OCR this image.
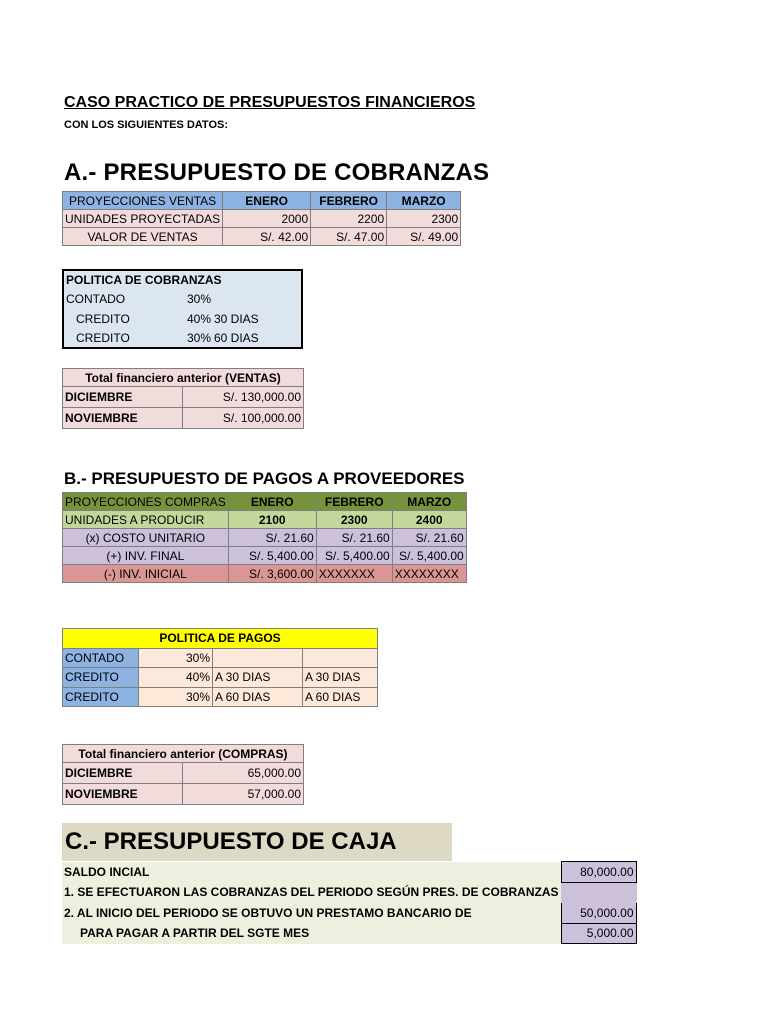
CASO PRACTICO DE PRESUPUESTOS FINANCIEROS
CON LOS SIGUIENTES DATOS:
A.- PRESUPUESTO DE COBRANZAS
PROYECCIONES VENTAS	ENERO	FEBRERO	MARZO
UNIDADES PROYECTADAS	2000	2200	2300
VALOR DE VENTAS	S/. 42.00	S/. 47.00	S/. 49.00
POLITICA DE COBRANZAS		
CONTADO	30%	
CREDITO	40%	30 DIAS
CREDITO	30%	60 DIAS
Total financiero anterior (VENTAS)	
DICIEMBRE	S/. 130,000.00
NOVIEMBRE	S/. 100,000.00
B.- PRESUPUESTO DE PAGOS A PROVEEDORES
PROYECCIONES COMPRAS	ENERO	FEBRERO	MARZO
UNIDADES A PRODUCIR	2100	2300	2400
(x) COSTO UNITARIO	S/. 21.60	S/. 21.60	S/. 21.60
(+) INV. FINAL	S/. 5,400.00	S/. 5,400.00	S/. 5,400.00
(-) INV. INICIAL	S/. 3,600.00	XXXXXXX	XXXXXXXX
POLITICA DE PAGOS			
CONTADO	30%		
CREDITO	40%	A 30 DIAS	A 30 DIAS
CREDITO	30%	A 60 DIAS	A 60 DIAS
Total financiero anterior (COMPRAS)	
DICIEMBRE	65,000.00
NOVIEMBRE	57,000.00
C.- PRESUPUESTO DE CAJA
SALDO INCIAL	80,000.00
1. SE EFECTUARON LAS COBRANZAS DEL PERIODO SEGÚN PRES. DE COBRANZAS	
2. AL INICIO DEL PERIODO SE OBTUVO UN PRESTAMO BANCARIO DE	50,000.00
PARA PAGAR A PARTIR DEL SGTE MES	5,000.00
